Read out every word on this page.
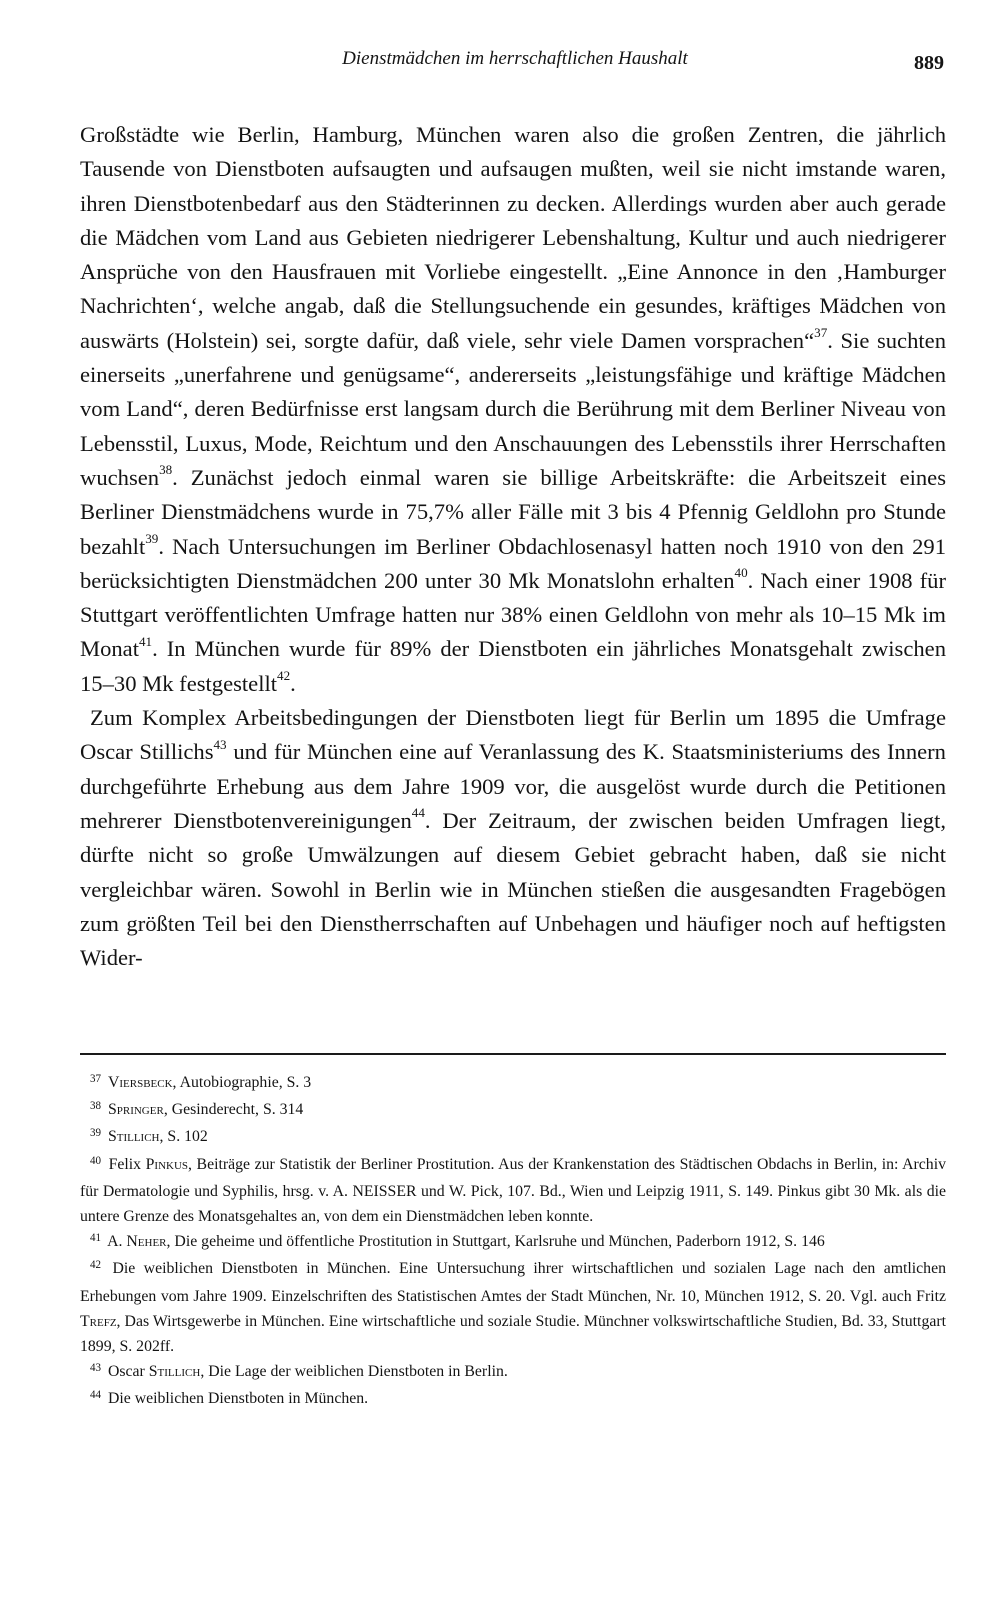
Dienstmädchen im herrschaftlichen Haushalt	889

Großstädte wie Berlin, Hamburg, München waren also die großen Zentren, die jährlich Tausende von Dienstboten aufsaugten und aufsaugen mußten, weil sie nicht imstande waren, ihren Dienstbotenbedarf aus den Städterinnen zu decken. Allerdings wurden aber auch gerade die Mädchen vom Land aus Gebieten niedrigerer Lebenshaltung, Kultur und auch niedrigerer Ansprüche von den Hausfrauen mit Vorliebe eingestellt. „Eine Annonce in den ‚Hamburger Nachrichten‘, welche angab, daß die Stellungsuchende ein gesundes, kräftiges Mädchen von auswärts (Holstein) sei, sorgte dafür, daß viele, sehr viele Damen vorsprachen“$^{37}$. Sie suchten einerseits „unerfahrene und genügsame“, andererseits „leistungsfähige und kräftige Mädchen vom Land“, deren Bedürfnisse erst langsam durch die Berührung mit dem Berliner Niveau von Lebensstil, Luxus, Mode, Reichtum und den Anschauungen des Lebensstils ihrer Herrschaften wuchsen$^{38}$. Zunächst jedoch einmal waren sie billige Arbeitskräfte: die Arbeitszeit eines Berliner Dienstmädchens wurde in 75,7% aller Fälle mit 3 bis 4 Pfennig Geldlohn pro Stunde bezahlt$^{39}$. Nach Untersuchungen im Berliner Obdachlosenasyl hatten noch 1910 von den 291 berücksichtigten Dienstmädchen 200 unter 30 Mk Monatslohn erhalten$^{40}$. Nach einer 1908 für Stuttgart veröffentlichten Umfrage hatten nur 38% einen Geldlohn von mehr als 10–15 Mk im Monat$^{41}$. In München wurde für 89% der Dienstboten ein jährliches Monatsgehalt zwischen 15–30 Mk festgestellt$^{42}$.

Zum Komplex Arbeitsbedingungen der Dienstboten liegt für Berlin um 1895 die Umfrage Oscar Stillichs$^{43}$ und für München eine auf Veranlassung des K. Staatsministeriums des Innern durchgeführte Erhebung aus dem Jahre 1909 vor, die ausgelöst wurde durch die Petitionen mehrerer Dienstbotenvereinigungen$^{44}$. Der Zeitraum, der zwischen beiden Umfragen liegt, dürfte nicht so große Umwälzungen auf diesem Gebiet gebracht haben, daß sie nicht vergleichbar wären. Sowohl in Berlin wie in München stießen die ausgesandten Fragebögen zum größten Teil bei den Dienstherrschaften auf Unbehagen und häufiger noch auf heftigsten Wider-

37 Viersbeck, Autobiographie, S. 3

38 Springer, Gesinderecht, S. 314

39 Stillich, S. 102

40 Felix Pinkus, Beiträge zur Statistik der Berliner Prostitution. Aus der Krankenstation des Städtischen Obdachs in Berlin, in: Archiv für Dermatologie und Syphilis, hrsg. v. A. NEISSER und W. Pick, 107. Bd., Wien und Leipzig 1911, S. 149. Pinkus gibt 30 Mk. als die untere Grenze des Monatsgehaltes an, von dem ein Dienstmädchen leben konnte.

41 A. Neher, Die geheime und öffentliche Prostitution in Stuttgart, Karlsruhe und München, Paderborn 1912, S. 146

42 Die weiblichen Dienstboten in München. Eine Untersuchung ihrer wirtschaftlichen und sozialen Lage nach den amtlichen Erhebungen vom Jahre 1909. Einzelschriften des Statistischen Amtes der Stadt München, Nr. 10, München 1912, S. 20. Vgl. auch Fritz Trefz, Das Wirtsgewerbe in München. Eine wirtschaftliche und soziale Studie. Münchner volkswirtschaftliche Studien, Bd. 33, Stuttgart 1899, S. 202ff.

43 Oscar Stillich, Die Lage der weiblichen Dienstboten in Berlin.

44 Die weiblichen Dienstboten in München.
